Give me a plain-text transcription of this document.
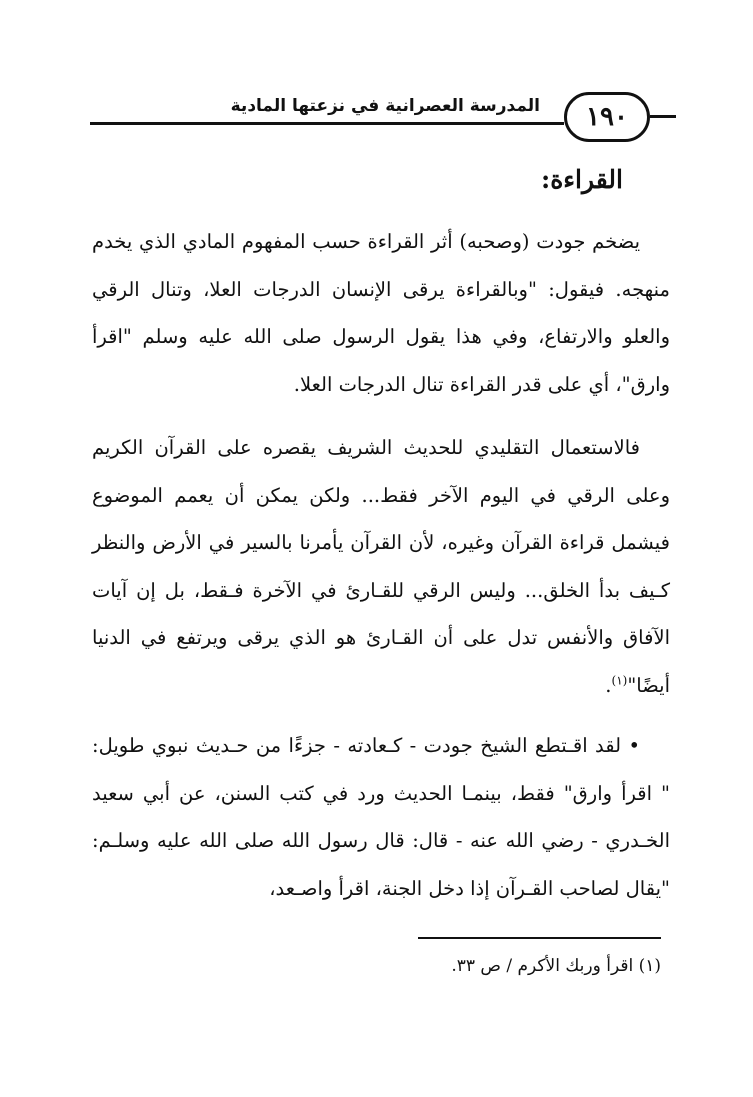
المدرسة العصرانية في نزعتها المادية	١٩٠
القراءة:

يضخم جودت (وصحبه) أثر القراءة حسب المفهوم المادي الذي يخدم منهجه. فيقول: "وبالقراءة يرقى الإنسان الدرجات العلا، وتنال الرقي والعلو والارتفاع، وفي هذا يقول الرسول صلى الله عليه وسلم "اقرأ وارق"، أي على قدر القراءة تنال الدرجات العلا.

فالاستعمال التقليدي للحديث الشريف يقصره على القرآن الكريم وعلى الرقي في اليوم الآخر فقط... ولكن يمكن أن يعمم الموضوع فيشمل قراءة القرآن وغيره، لأن القرآن يأمرنا بالسير في الأرض والنظر كـيف بدأ الخلق... وليس الرقي للقـارئ في الآخرة فـقط، بل إن آيات الآفاق والأنفس تدل على أن القـارئ هو الذي يرقى ويرتفع في الدنيا أيضًا"$^{(١)}$.

• لقد اقـتطع الشيخ جودت - كـعادته - جزءًا من حـديث نبوي طويل: " اقرأ وارق" فقط، بينمـا الحديث ورد في كتب السنن، عن أبي سعيد الخـدري - رضي الله عنه - قال: قال رسول الله صلى الله عليه وسلـم: "يقال لصاحب القـرآن إذا دخل الجنة، اقرأ واصـعد،

(١) اقرأ وربك الأكرم / ص ٣٣.
